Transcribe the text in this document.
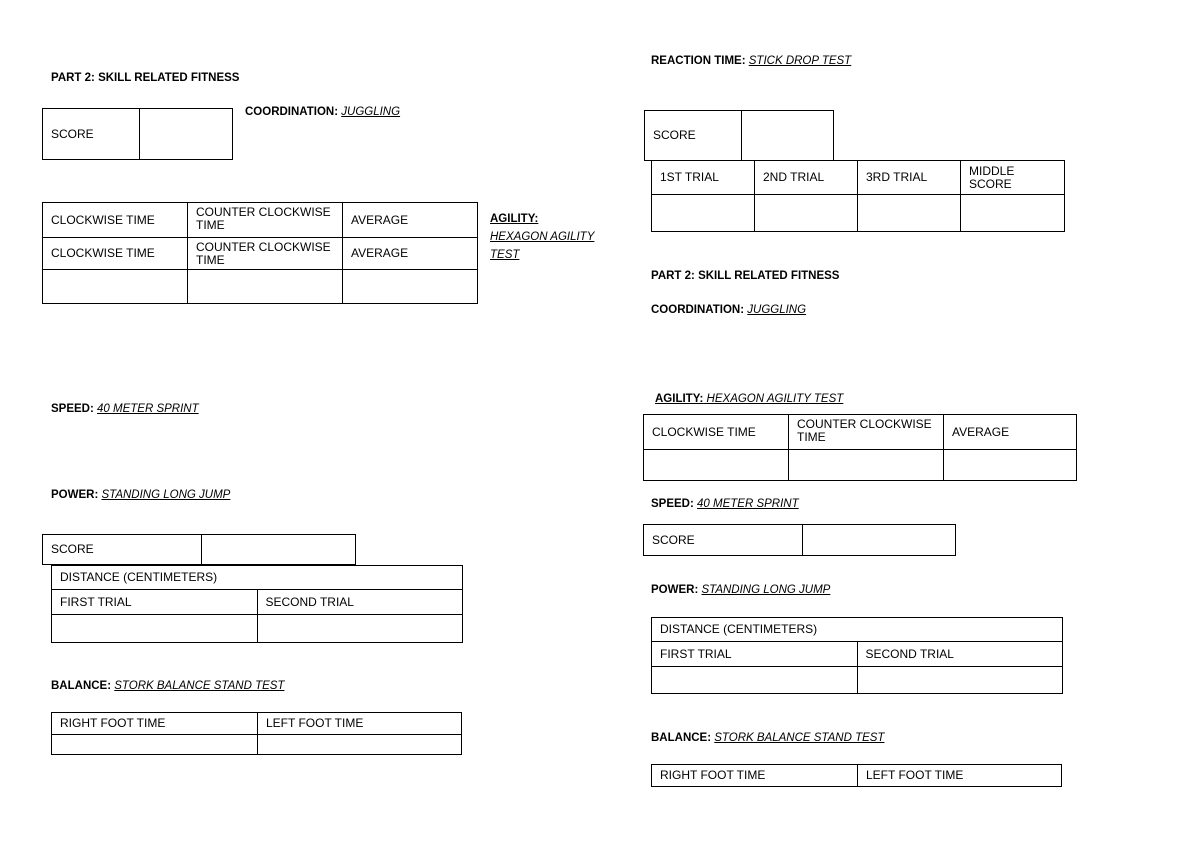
PART 2: SKILL RELATED FITNESS
SCORE	
COORDINATION: JUGGLING
CLOCKWISE TIME	COUNTER CLOCKWISE TIME	AVERAGE
CLOCKWISE TIME	COUNTER CLOCKWISE TIME	AVERAGE

AGILITY:
HEXAGON AGILITY TEST
SPEED: 40 METER SPRINT
POWER: STANDING LONG JUMP
SCORE	
DISTANCE (CENTIMETERS)	
FIRST TRIAL	SECOND TRIAL

BALANCE: STORK BALANCE STAND TEST
RIGHT FOOT TIME	LEFT FOOT TIME

REACTION TIME: STICK DROP TEST
SCORE	
1ST TRIAL	2ND TRIAL	3RD TRIAL	MIDDLE SCORE

PART 2: SKILL RELATED FITNESS
COORDINATION: JUGGLING
AGILITY: HEXAGON AGILITY TEST
CLOCKWISE TIME	COUNTER CLOCKWISE TIME	AVERAGE

SPEED: 40 METER SPRINT
SCORE	
POWER: STANDING LONG JUMP
DISTANCE (CENTIMETERS)	
FIRST TRIAL	SECOND TRIAL

BALANCE: STORK BALANCE STAND TEST
RIGHT FOOT TIME	LEFT FOOT TIME
